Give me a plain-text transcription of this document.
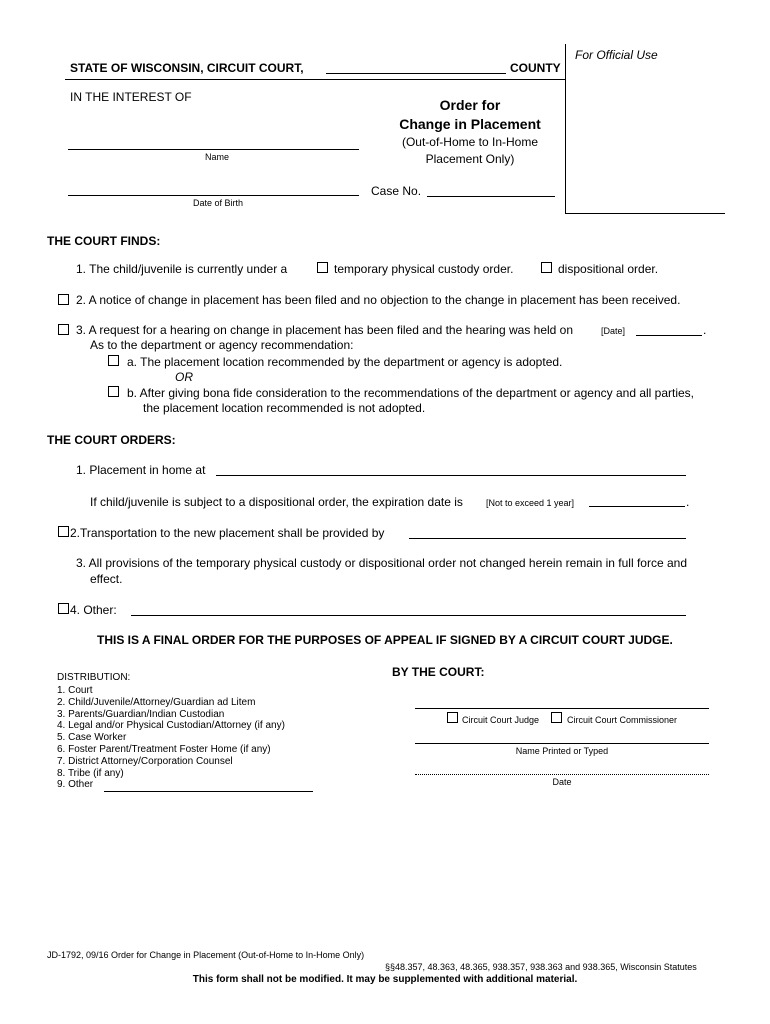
For Official Use
STATE OF WISCONSIN, CIRCUIT COURT,	COUNTY
IN THE INTEREST OF
Name
Date of Birth
Order for
Change in Placement
(Out-of-Home to In-Home
Placement Only)
Case No.
THE COURT FINDS:
1. The child/juvenile is currently under a	temporary physical custody order.	dispositional order.
2. A notice of change in placement has been filed and no objection to the change in placement has been received.
3. A request for a hearing on change in placement has been filed and the hearing was held on	[Date]	.
As to the department or agency recommendation:
a. The placement location recommended by the department or agency is adopted.
OR
b. After giving bona fide consideration to the recommendations of the department or agency and all parties,
the placement location recommended is not adopted.
THE COURT ORDERS:
1. Placement in home at
If child/juvenile is subject to a dispositional order, the expiration date is	[Not to exceed 1 year]	.
2.Transportation to the new placement shall be provided by
3. All provisions of the temporary physical custody or dispositional order not changed herein remain in full force and
effect.
4. Other:
THIS IS A FINAL ORDER FOR THE PURPOSES OF APPEAL IF SIGNED BY A CIRCUIT COURT JUDGE.
DISTRIBUTION:
1. Court
2. Child/Juvenile/Attorney/Guardian ad Litem
3. Parents/Guardian/Indian Custodian
4. Legal and/or Physical Custodian/Attorney (if any)
5. Case Worker
6. Foster Parent/Treatment Foster Home (if any)
7. District Attorney/Corporation Counsel
8. Tribe (if any)
9. Other
BY THE COURT:
Circuit Court Judge	Circuit Court Commissioner
Name Printed or Typed
Date
JD-1792, 09/16 Order for Change in Placement (Out-of-Home to In-Home Only)
§§48.357, 48.363, 48.365, 938.357, 938.363 and 938.365, Wisconsin Statutes
This form shall not be modified. It may be supplemented with additional material.
